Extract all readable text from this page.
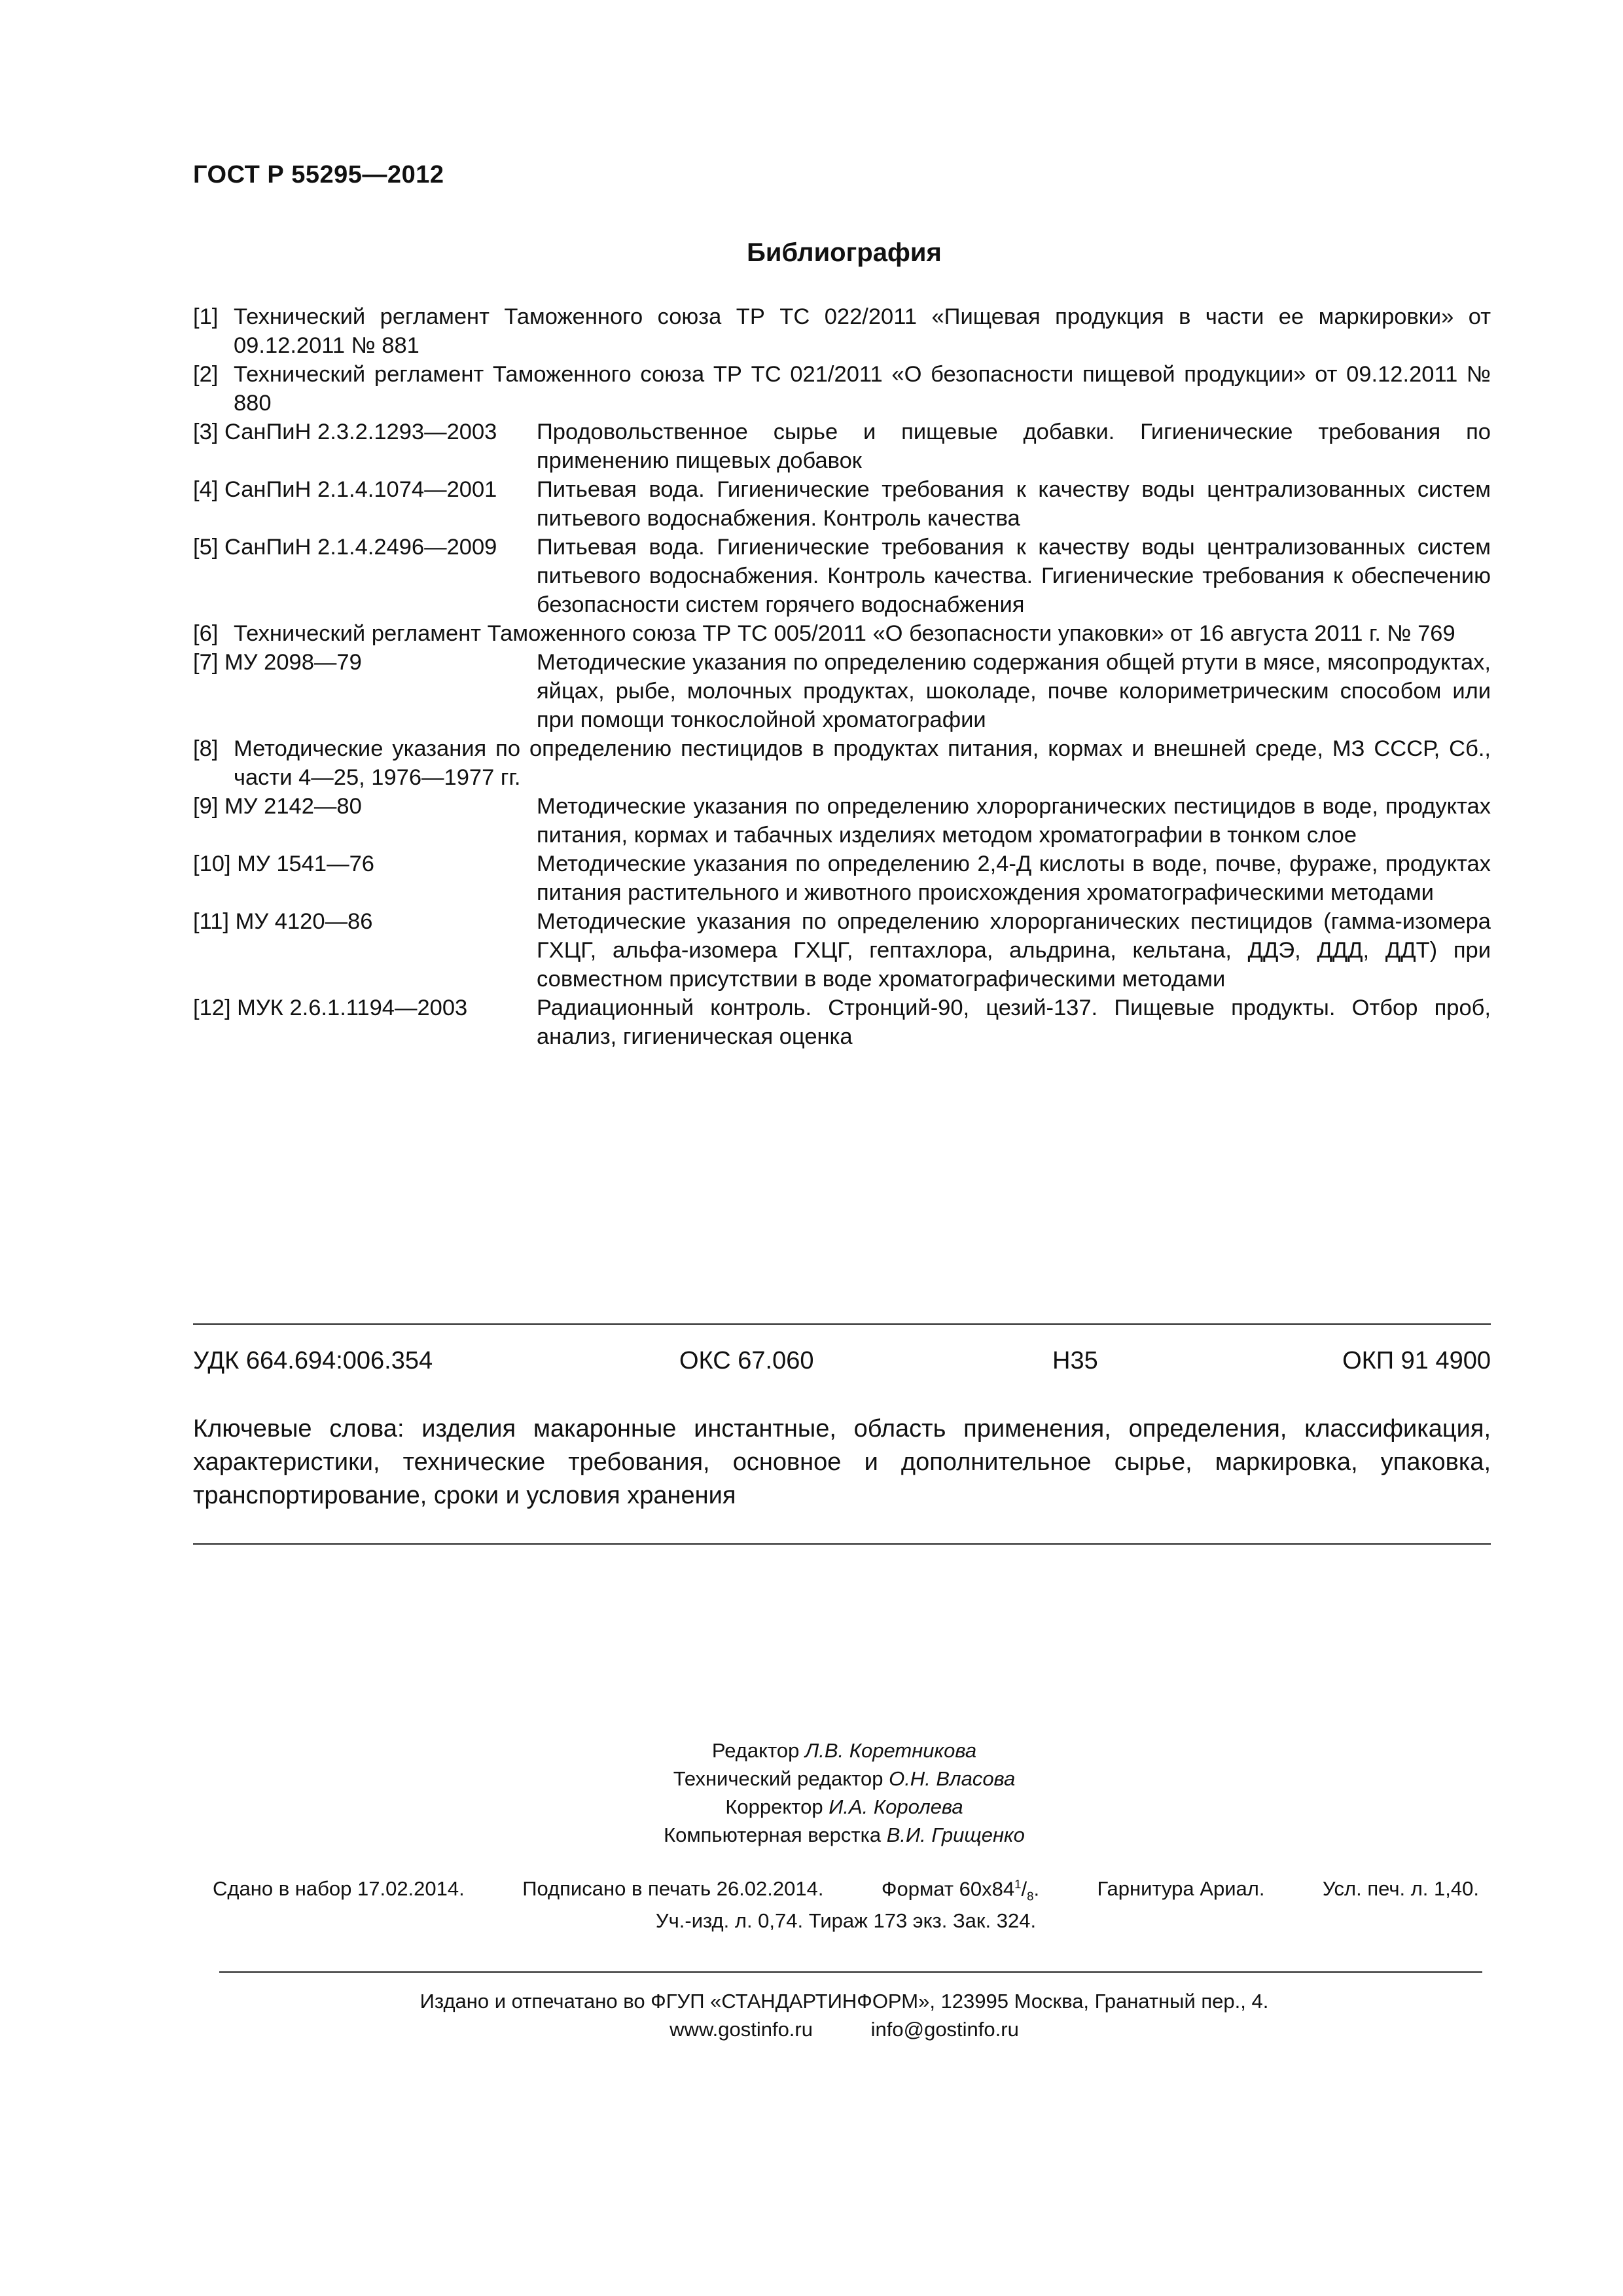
ГОСТ Р 55295—2012
Библиография
[1] Технический регламент Таможенного союза ТР ТС 022/2011 «Пищевая продукция в части ее маркировки» от 09.12.2011 № 881
[2] Технический регламент Таможенного союза ТР ТС 021/2011 «О безопасности пищевой продукции» от 09.12.2011 № 880
[3] СанПиН 2.3.2.1293—2003	Продовольственное сырье и пищевые добавки. Гигиенические требования по применению пищевых добавок
[4] СанПиН 2.1.4.1074—2001	Питьевая вода. Гигиенические требования к качеству воды централизованных систем питьевого водоснабжения. Контроль качества
[5] СанПиН 2.1.4.2496—2009	Питьевая вода. Гигиенические требования к качеству воды централизованных систем питьевого водоснабжения. Контроль качества. Гигиенические требования к обеспечению безопасности систем горячего водоснабжения
[6] Технический регламент Таможенного союза ТР ТС 005/2011 «О безопасности упаковки» от 16 августа 2011 г. № 769
[7] МУ 2098—79	Методические указания по определению содержания общей ртути в мясе, мясопродуктах, яйцах, рыбе, молочных продуктах, шоколаде, почве колориметрическим способом или при помощи тонкослойной хроматографии
[8] Методические указания по определению пестицидов в продуктах питания, кормах и внешней среде, МЗ СССР, Сб., части 4—25, 1976—1977 гг.
[9] МУ 2142—80	Методические указания по определению хлорорганических пестицидов в воде, продуктах питания, кормах и табачных изделиях методом хроматографии в тонком слое
[10] МУ 1541—76	Методические указания по определению 2,4-Д кислоты в воде, почве, фураже, продуктах питания растительного и животного происхождения хроматографическими методами
[11] МУ 4120—86	Методические указания по определению хлорорганических пестицидов (гамма-изомера ГХЦГ, альфа-изомера ГХЦГ, гептахлора, альдрина, кельтана, ДДЭ, ДДД, ДДТ) при совместном присутствии в воде хроматографическими методами
[12] МУК 2.6.1.1194—2003	Радиационный контроль. Стронций-90, цезий-137. Пищевые продукты. Отбор проб, анализ, гигиеническая оценка
УДК 664.694:006.354	ОКС 67.060	Н35	ОКП 91 4900
Ключевые слова: изделия макаронные инстантные, область применения, определения, классификация, характеристики, технические требования, основное и дополнительное сырье, маркировка, упаковка, транспортирование, сроки и условия хранения
Редактор Л.В. Коретникова
Технический редактор О.Н. Власова
Корректор И.А. Королева
Компьютерная верстка В.И. Грищенко
Сдано в набор 17.02.2014.	Подписано в печать 26.02.2014.	Формат $60х84^1/_8$.	Гарнитура Ариал.	Усл. печ. л. 1,40.
Уч.-изд. л. 0,74. Тираж 173 экз. Зак. 324.
Издано и отпечатано во ФГУП «СТАНДАРТИНФОРМ», 123995 Москва, Гранатный пер., 4.
www.gostinfo.ru	info@gostinfo.ru
